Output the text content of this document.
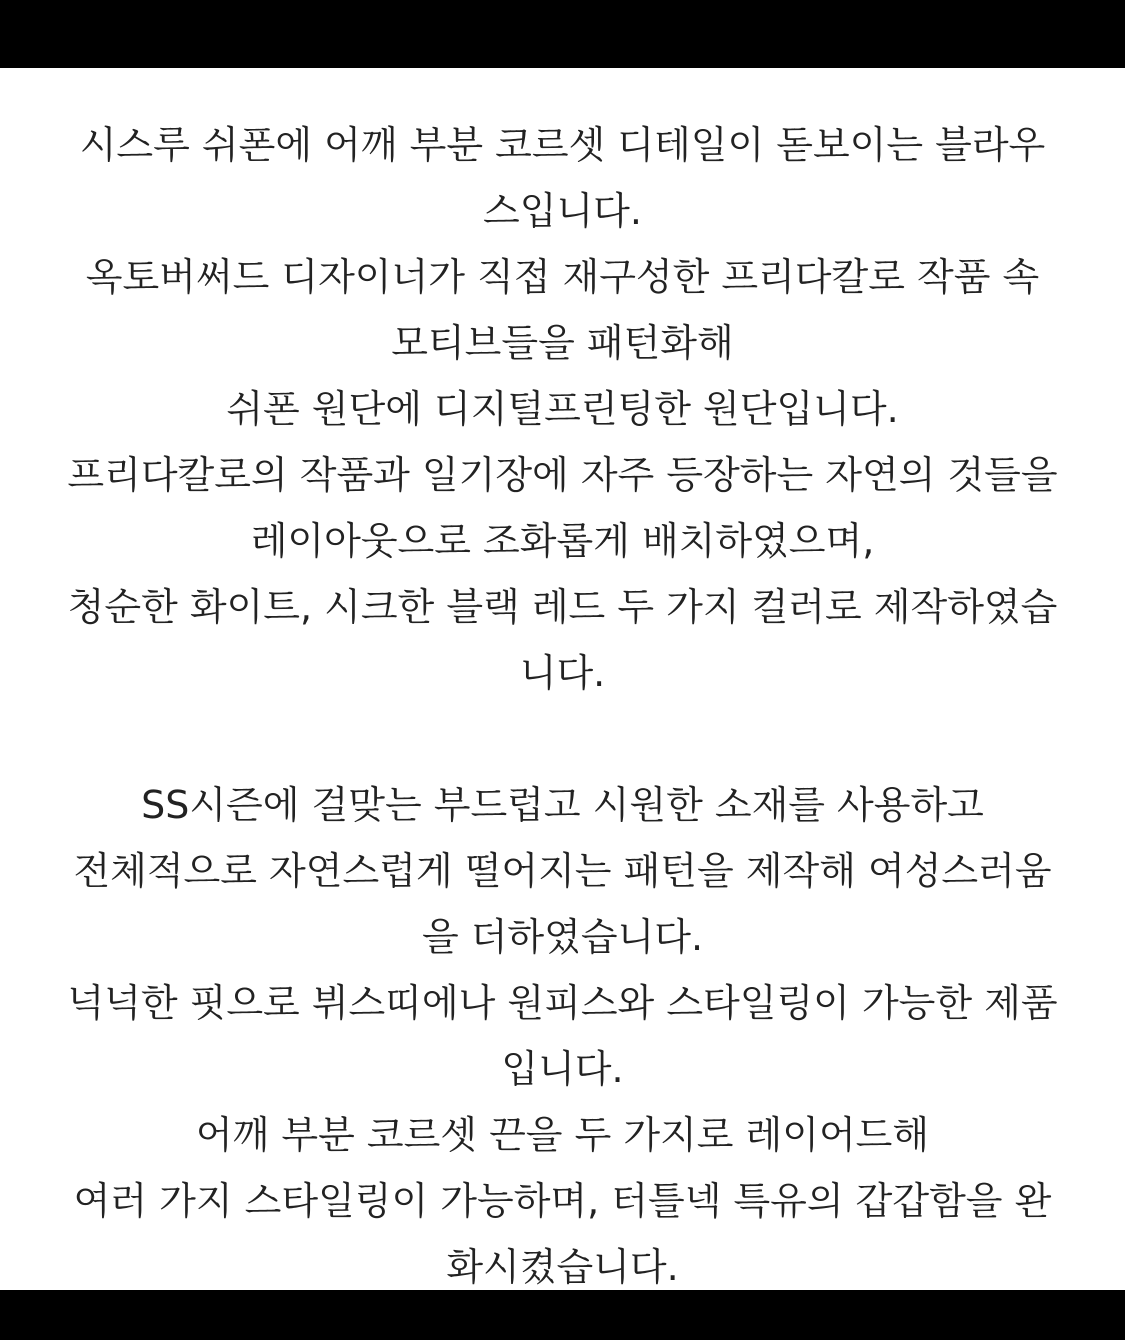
시스루 쉬폰에 어깨 부분 코르셋 디테일이 돋보이는 블라우
스입니다.
옥토버써드 디자이너가 직접 재구성한 프리다칼로 작품 속
모티브들을 패턴화해
쉬폰 원단에 디지털프린팅한 원단입니다.
프리다칼로의 작품과 일기장에 자주 등장하는 자연의 것들을
레이아웃으로 조화롭게 배치하였으며,
청순한 화이트, 시크한 블랙 레드 두 가지 컬러로 제작하였습
니다.
SS시즌에 걸맞는 부드럽고 시원한 소재를 사용하고
전체적으로 자연스럽게 떨어지는 패턴을 제작해 여성스러움
을 더하였습니다.
넉넉한 핏으로 뷔스띠에나 원피스와 스타일링이 가능한 제품
입니다.
어깨 부분 코르셋 끈을 두 가지로 레이어드해
여러 가지 스타일링이 가능하며, 터틀넥 특유의 갑갑함을 완
화시켰습니다.
